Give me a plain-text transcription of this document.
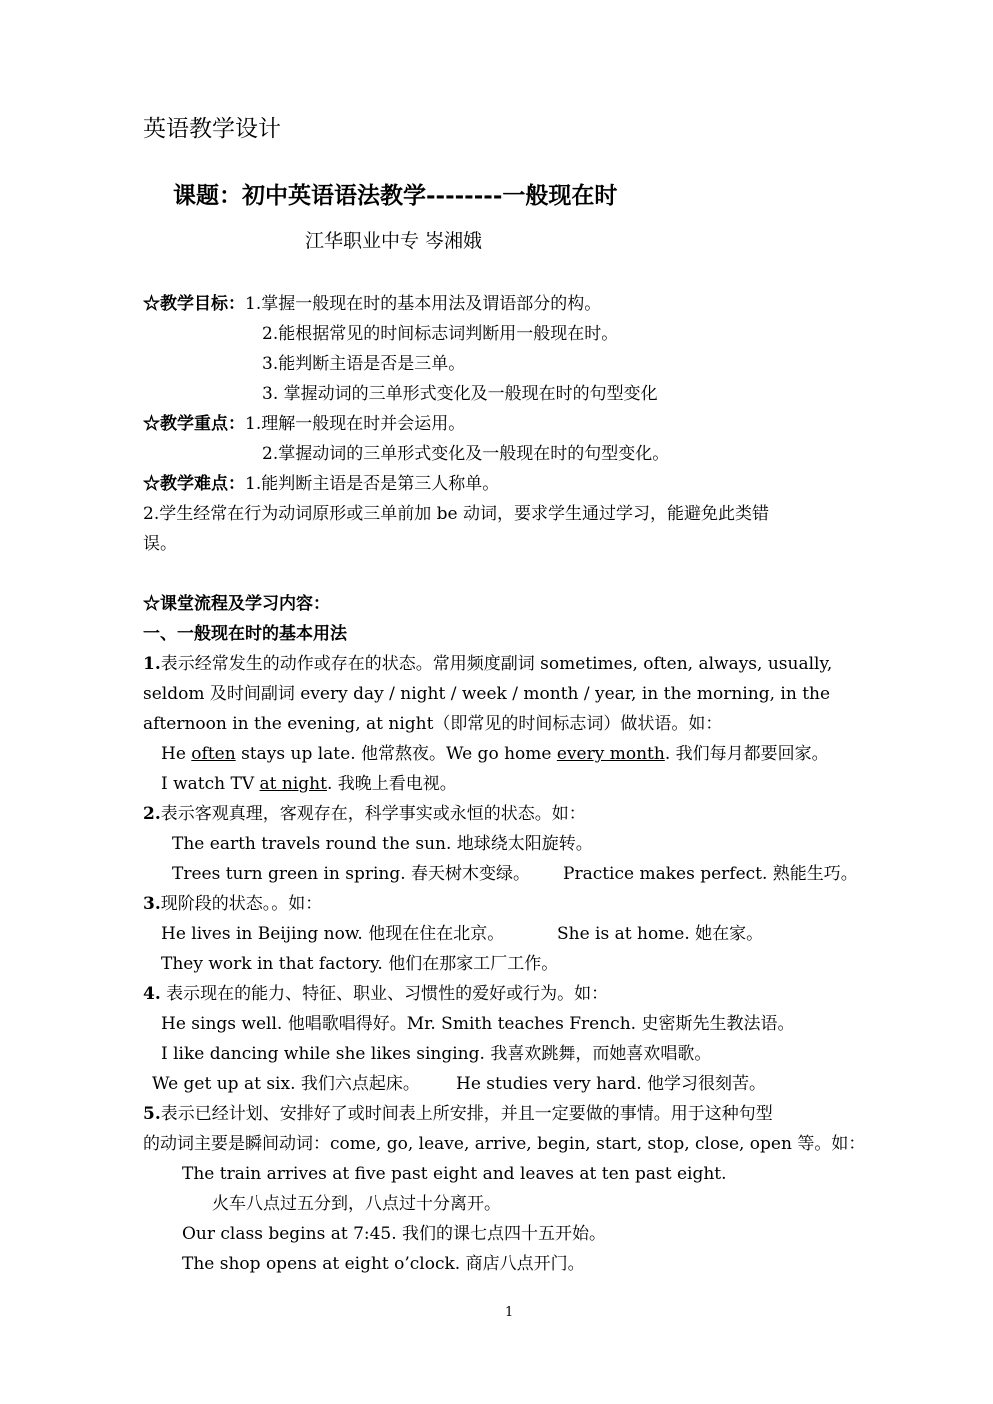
英语教学设计
课题：初中英语语法教学--------一般现在时
江华职业中专 岑湘娥
☆教学目标：1.掌握一般现在时的基本用法及谓语部分的构。
2.能根据常见的时间标志词判断用一般现在时。
3.能判断主语是否是三单。
3. 掌握动词的三单形式变化及一般现在时的句型变化
☆教学重点：1.理解一般现在时并会运用。
2.掌握动词的三单形式变化及一般现在时的句型变化。
☆教学难点：1.能判断主语是否是第三人称单。
2.学生经常在行为动词原形或三单前加 be 动词，要求学生通过学习，能避免此类错
误。
☆课堂流程及学习内容：
一、一般现在时的基本用法
1.表示经常发生的动作或存在的状态。常用频度副词 sometimes, often, always, usually,
seldom 及时间副词 every day / night / week / month / year, in the morning, in the
afternoon in the evening, at night（即常见的时间标志词）做状语。如：
He often stays up late. 他常熬夜。We go home every month. 我们每月都要回家。
I watch TV at night. 我晚上看电视。
2.表示客观真理，客观存在，科学事实或永恒的状态。如：
The earth travels round the sun. 地球绕太阳旋转。
Trees turn green in spring. 春天树木变绿。 Practice makes perfect. 熟能生巧。
3.现阶段的状态。。如：
He lives in Beijing now. 他现在住在北京。	She is at home. 她在家。
They work in that factory. 他们在那家工厂工作。
4. 表示现在的能力、特征、职业、习惯性的爱好或行为。如：
He sings well. 他唱歌唱得好。Mr. Smith teaches French. 史密斯先生教法语。
I like dancing while she likes singing. 我喜欢跳舞，而她喜欢唱歌。
We get up at six. 我们六点起床。 He studies very hard. 他学习很刻苦。
5.表示已经计划、安排好了或时间表上所安排，并且一定要做的事情。用于这种句型
的动词主要是瞬间动词：come, go, leave, arrive, begin, start, stop, close, open 等。如：
The train arrives at five past eight and leaves at ten past eight.
火车八点过五分到，八点过十分离开。
Our class begins at 7:45. 我们的课七点四十五开始。
The shop opens at eight o’clock. 商店八点开门。
1
